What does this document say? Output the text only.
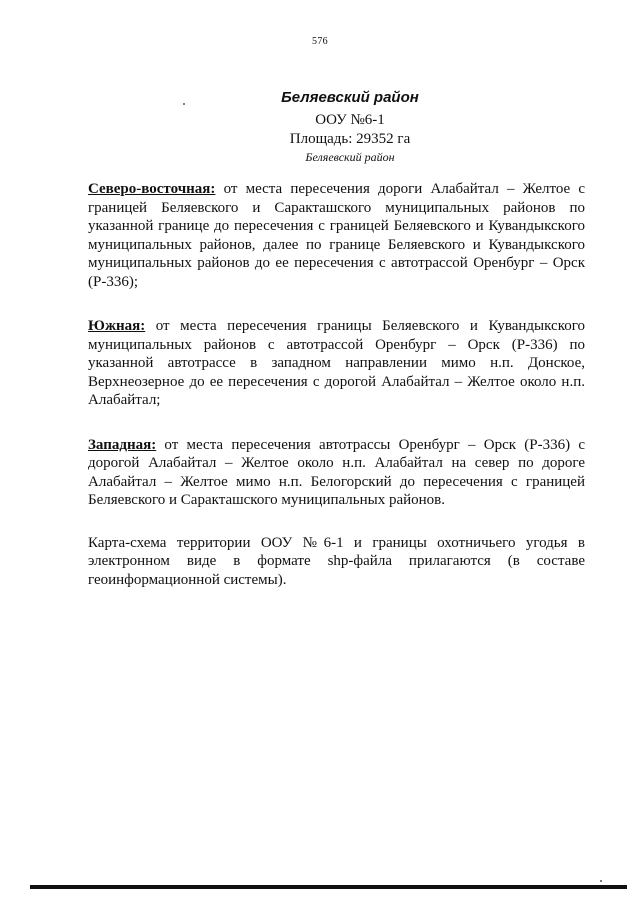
576
Беляевский район
ООУ №6-1
Площадь: 29352 га
Беляевский район

Северо-восточная: от места пересечения дороги Алабайтал – Желтое с границей Беляевского и Саракташского муниципальных районов по указанной границе до пересечения с границей Беляевского и Кувандыкского муниципальных районов, далее по границе Беляевского и Кувандыкского муниципальных районов до ее пересечения с автотрассой Оренбург – Орск (Р-336);

Южная: от места пересечения границы Беляевского и Кувандыкского муниципальных районов с автотрассой Оренбург – Орск (Р-336) по указанной автотрассе в западном направлении мимо н.п. Донское, Верхнеозерное до ее пересечения с дорогой Алабайтал – Желтое около н.п. Алабайтал;

Западная: от места пересечения автотрассы Оренбург – Орск (Р-336) с дорогой Алабайтал – Желтое около н.п. Алабайтал на север по дороге Алабайтал – Желтое мимо н.п. Белогорский до пересечения с границей Беляевского и Саракташского муниципальных районов.

Карта-схема территории ООУ №6-1 и границы охотничьего угодья в электронном виде в формате shp-файла прилагаются (в составе геоинформационной системы).
